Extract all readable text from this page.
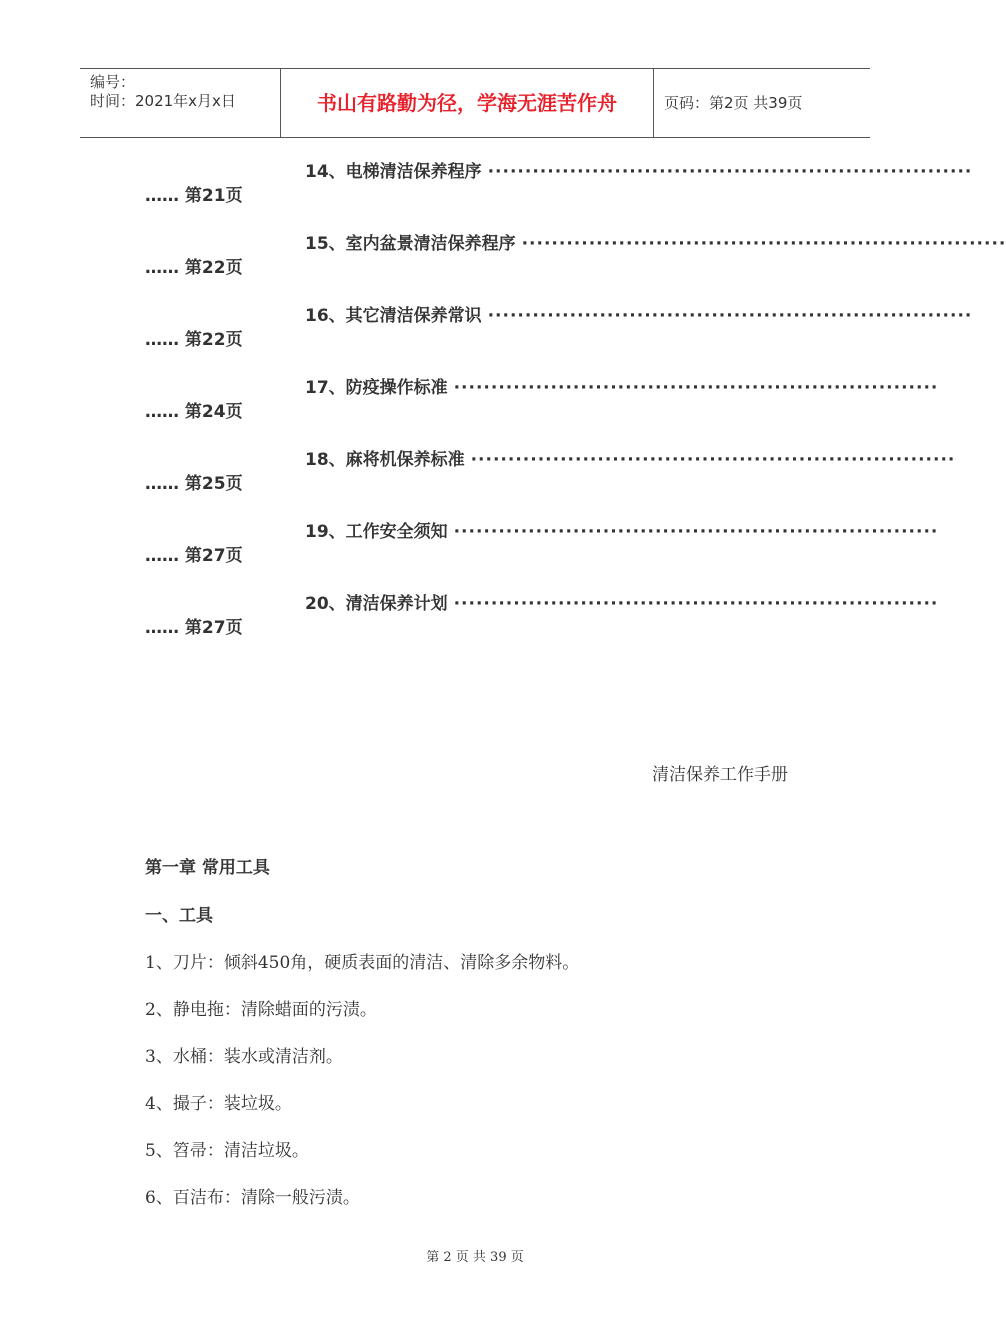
编号：
时间：2021年x月x日	书山有路勤为径，学海无涯苦作舟	页码：第2页 共39页
14、电梯清洁保养程序 ·································································
…… 第21页
15、室内盆景清洁保养程序 ·································································
…… 第22页
16、其它清洁保养常识 ·································································
…… 第22页
17、防疫操作标准 ·································································
…… 第24页
18、麻将机保养标准 ·································································
…… 第25页
19、工作安全须知 ·································································
…… 第27页
20、清洁保养计划 ·································································
…… 第27页
清洁保养工作手册
第一章 常用工具
一、工具
1、刀片：倾斜450角，硬质表面的清洁、清除多余物料。
2、静电拖：清除蜡面的污渍。
3、水桶：装水或清洁剂。
4、撮子：装垃圾。
5、笤帚：清洁垃圾。
6、百洁布：清除一般污渍。
第 2 页 共 39 页
